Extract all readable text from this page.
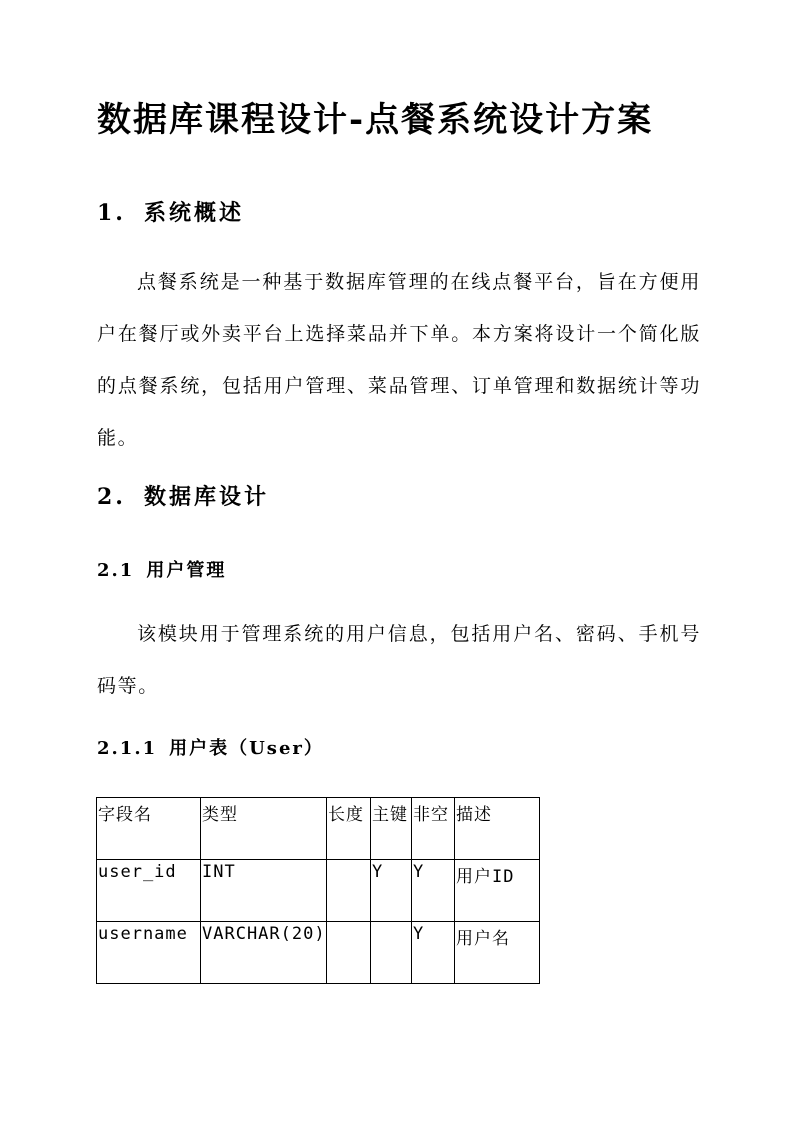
数据库课程设计-点餐系统设计方案
1. 系统概述

点餐系统是一种基于数据库管理的在线点餐平台，旨在方便用户在餐厅或外卖平台上选择菜品并下单。本方案将设计一个简化版的点餐系统，包括用户管理、菜品管理、订单管理和数据统计等功能。

2. 数据库设计
2.1 用户管理

该模块用于管理系统的用户信息，包括用户名、密码、手机号码等。

2.1.1 用户表（User）
字段名	类型	长度	主键	非空	描述
user_id	INT		Y	Y	用户ID
username	VARCHAR(20)			Y	用户名
